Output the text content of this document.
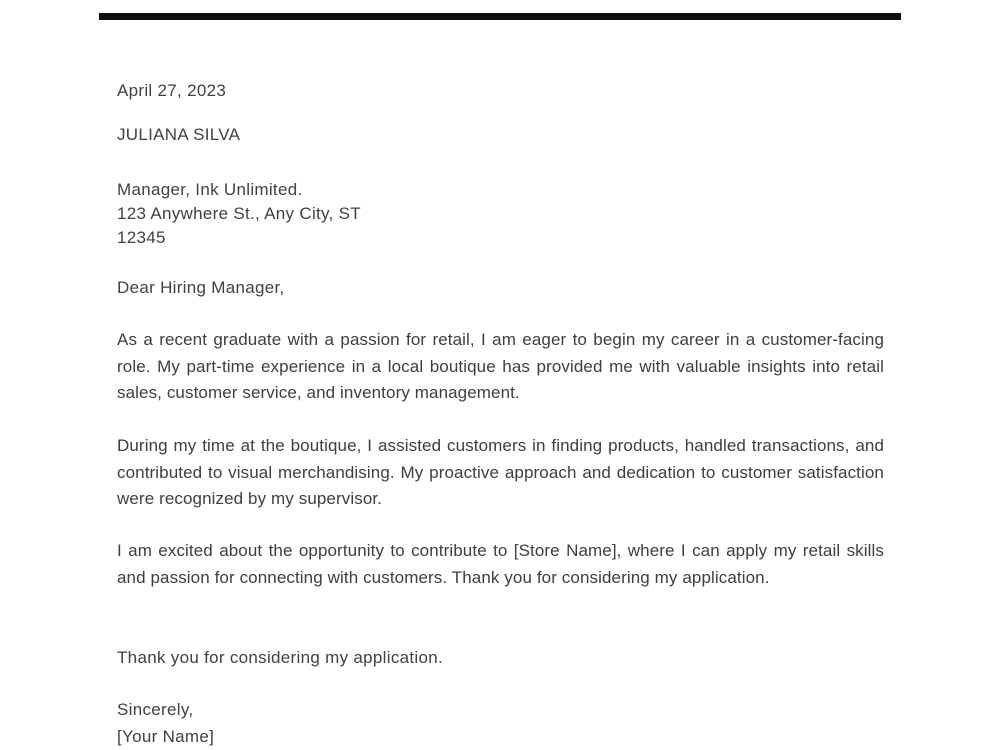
April 27, 2023
JULIANA SILVA
Manager, Ink Unlimited.
123 Anywhere St., Any City, ST
12345
Dear Hiring Manager,
As a recent graduate with a passion for retail, I am eager to begin my career in a customer-facing role. My part-time experience in a local boutique has provided me with valuable insights into retail sales, customer service, and inventory management.
During my time at the boutique, I assisted customers in finding products, handled transactions, and contributed to visual merchandising. My proactive approach and dedication to customer satisfaction were recognized by my supervisor.
I am excited about the opportunity to contribute to [Store Name], where I can apply my retail skills and passion for connecting with customers. Thank you for considering my application.
Thank you for considering my application.
Sincerely,
[Your Name]
